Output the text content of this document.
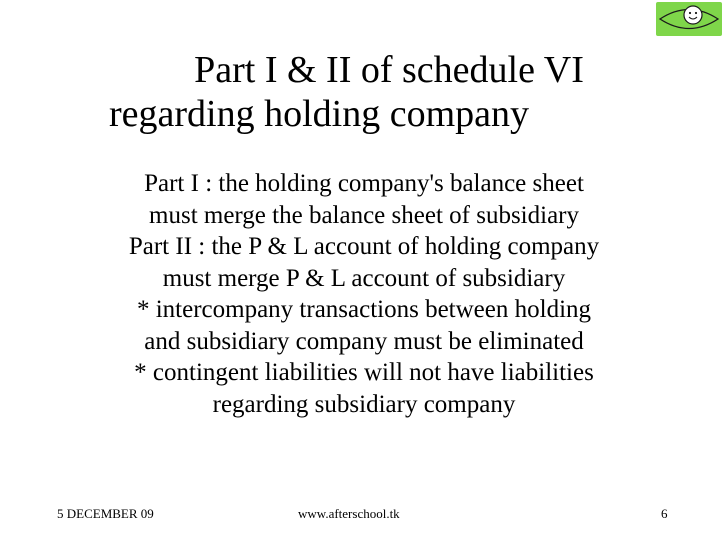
Part I & II of schedule VI
regarding holding company
Part I : the holding company's balance sheet
must merge the balance sheet of subsidiary
Part II : the P & L account of holding company
must merge P & L account of subsidiary
* intercompany transactions between holding
and subsidiary company must be eliminated
* contingent liabilities will not have liabilities
regarding subsidiary company
5 DECEMBER 09	www.afterschool.tk	6
